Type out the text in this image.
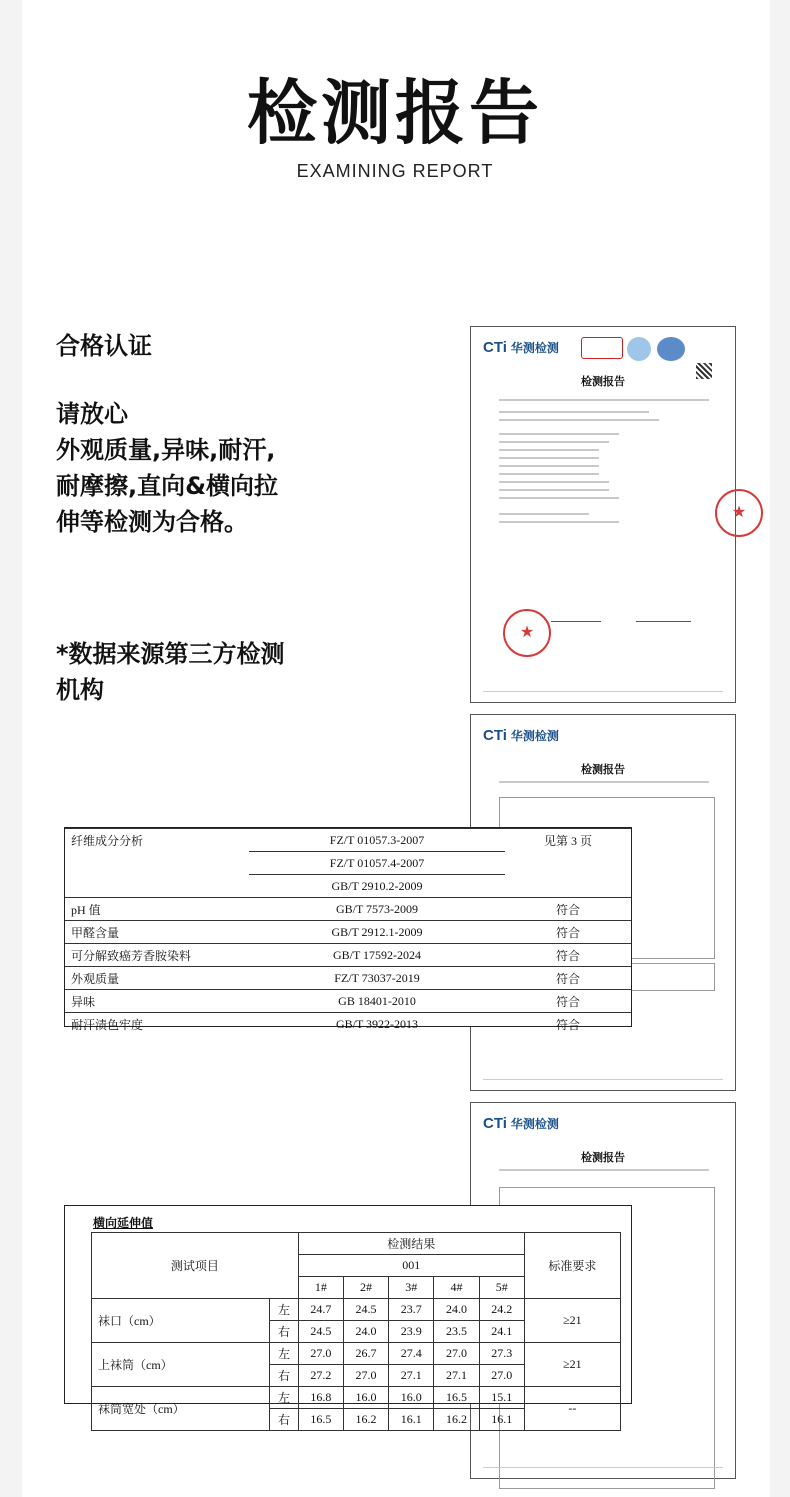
检测报告
EXAMINING REPORT
合格认证
请放心
外观质量,异味,耐汗,耐摩擦,直向&横向拉伸等检测为合格。
*数据来源第三方检测机构
CTi 华测检测
检测报告
★
★
CTi 华测检测
检测报告
CTi 华测检测
检测报告
纤维成分分析	FZ/T 01057.3-2007	见第 3 页
	FZ/T 01057.4-2007	
	GB/T 2910.2-2009	
pH 值	GB/T 7573-2009	符合
甲醛含量	GB/T 2912.1-2009	符合
可分解致癌芳香胺染料	GB/T 17592-2024	符合
外观质量	FZ/T 73037-2019	符合
异味	GB 18401-2010	符合
耐汗渍色牢度	GB/T 3922-2013	符合
横向延伸值
测试项目		检测结果					标准要求
		001					
		1#	2#	3#	4#	5#	
袜口（cm）	左	24.7	24.5	23.7	24.0	24.2	≥21
	右	24.5	24.0	23.9	23.5	24.1	
上袜筒（cm）	左	27.0	26.7	27.4	27.0	27.3	≥21
	右	27.2	27.0	27.1	27.1	27.0	
袜筒宽处（cm）	左	16.8	16.0	16.0	16.5	15.1	--
	右	16.5	16.2	16.1	16.2	16.1	
